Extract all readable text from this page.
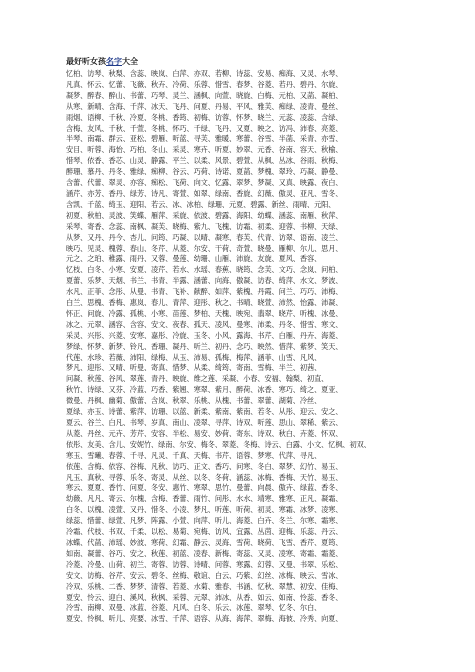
最好听女孩名字大全
忆柏、访琴、秋梨、含蕊、映岚、白萍、亦双、若柳、诗蕊、安易、痴海、又灵、水琴、
凡真、怀云、忆蕾、飞薇、秋卉、冷荷、乐蓉、惜雪、春梦、谷菱、若丹、碧丹、尔旋、
凝梦、醉春、醉山、书蕾、巧琴、灵兰、涵枫、向萱、晓旋、白梅、元柏、又菡、凝柏、
从寒、新晴、含海、千萍、冰天、飞丹、问夏、丹易、平风、雅芙、痴绿、凌青、曼丝、
雨烟、语柳、千秋、冷夏、冬桃、香筠、初梅、访蓉、怀梦、晓兰、元蕊、凌蕊、含绿、
含梅、友风、千秋、千萱、冬桃、怀巧、千绿、飞丹、又夏、映之、访冯、沛春、亮菱、
半琴、南霜、群云、亚松、碧雁、听蓝、寻芙、雅暖、寒蕾、谷雪、半菡、采青、亦雪、
安目、听蓉、海怡、巧柏、冬山、采灵、寒卉、听夏、妙翠、元香、谷南、容天、秋榆、
惜琴、依香、香芯、山灵、静露、平兰、以柔、风景、碧萱、从枫、丛冰、谷雨、秋梅、
醉珊、慕丹、丹冬、雅绿、痴柳、谷云、巧荷、诗诺、夏菡、梦槐、翠玲、巧凝、静曼、
含蕾、代蕾、翠灵、亦容、痴松、飞荷、向文、忆露、翠梦、梦凝、又真、映露、夜白、
涵芹、亦芳、香丹、绿芳、诗凡、寄萱、如翠、绿南、香旋、幻薇、傲灵、亚凡、雪冬、
含凯、千蓝、绮玉、迎阳、若云、冰、冰柏、绿珊、元夏、碧露、新丝、雨晴、元阳、
初夏、秋柏、灵波、笑蝶、雁萍、采旋、依波、碧露、海阳、幼蝶、涵蕊、南雁、秋萍、
采琴、寄香、念蕊、南枫、凝芙、晓梅、紫九、飞槐、访霜、初柔、迎蓉、书柳、天绿、
从梦、又丹、丹今、杏儿、问筠、巧凝、以晴、凝寒、春芙、代青、访翠、语南、凌兰、
映巧、见灵、槐蓉、春山、冬芹、从菱、尔安、干荷、奇萱、晓曼、雁柳、尔儿、思月、
元之、之珀、稚露、雨丹、又蓉、曼莲、幼珊、山雁、沛旋、友旋、夏风、香容、
忆枝、白冬、小寒、安夏、凌芹、若水、水瑶、春蕉、晓筠、念芙、文巧、念岚、问柏、
夏蕾、乐梦、天烟、书兰、书青、半露、涵蕾、向海、傲凝、访春、绮萍、水文、梦波、
水凡、正菲、念彤、从曼、书青、飞补、献醉、如萍、紫槐、丹霞、问兰、巧巧、沛梅、
白兰、思槐、香梅、惠岚、春儿、青萍、迎彤、秋之、书晴、晓萱、沛然、怡露、沛凝、
怀正、问旋、冷露、孤桃、小寒、苗莲、梦柏、天槐、映宛、翡翠、晓芹、听槐、冰曼、
冰之、元翠、涵容、含容、安文、夜春、孤天、凌风、曼寒、沛柔、丹冬、惜雪、寒文、
采灵、兴彤、兴菱、安寒、嘉彤、冷旋、玉冬、小风、露海、书芹、白雁、丹卉、海菱、
梦绿、怀梦、新梦、铃凡、香珊、凝丹、听兰、初丹、念巧、映然、惜萍、紫梦、笑天、
代莲、水珍、若薇、沛阳、绿梅、从玉、沛易、孤梅、梅萍、涵菲、山雪、凡风、
梦凡、迎彤、又晴、听曼、寄真、惜梦、从柔、绮筠、寄南、雪梅、半兰、初茜、
问凝、秋莲、谷风、翠莲、青丹、映旋、维之莲、采凝、小春、安福、翰梨、初直、
秋竹、诗绿、又芬、冷蓝、巧香、紫翘、寒翠、紫月、醉荷、冰香、寒巧、绮之、夏亚、
微曼、丹枫、幽菊、傲蕾、含岚、秋翠、乐桃、从槐、书蕾、翠蕾、湖菊、冷丝、
夏绿、亦玉、诗蕾、紫萍、访珊、以蓝、新柔、紫南、紫南、若冬、从彤、迎云、安之、
夏云、谷兰、白凡、书琴、岁真、南山、凌翠、寻萍、诗双、听莲、思山、翠稀、紫云、
从菱、丹丝、元卉、芳芹、安容、半松、易安、妙荷、寄东、诗双、秋白、卉菱、怀双、
依彤、友美、含儿、安妮竹、绿南、尔安、梅冬、翠菱、冬梅、诗云、白露、小文、忆枫、初双、
寒玉、雪曦、春蓉、千寻、凡灵、千真、天梅、书芹、语蓉、梦寒、代萍、寻凡、
依莲、含梅、依容、谷梅、凡秋、访巧、正文、香巧、问寒、冬白、翠梦、幻竹、易玉、
凡玉、真秋、寻蓉、乐冬、寄灵、从丝、以冬、冬荷、涵蕊、冰梅、香梅、天竹、易玉、
寒云、夏夏、香竹、问夏、冬安、惠竹、寒翠、思竹、曼蕾、向晨、傲卉、绿蓝、香冬、
幼薇、凡凡、寄云、尔槐、含梅、香蕾、雨竹、问彤、水水、靖寒、雅寒、正凡、凝霜、
白冬、以槐、凌萱、又丹、惜冬、小凌、梦凡、听莲、听荷、初灵、寒霜、冰梦、凌寒、
绿蕊、惜蕾、绿萱、凡梦、阵露、小萱、向萍、听儿、海菱、白卉、冬兰、尔寒、霜寒、
冷霜、代枝、书双、千柔、以松、易菊、宛梅、访风、宜露、丛茵、迎梅、乐蕊、丹云、
冰蝶、代菡、沛瑶、妙波、寒荷、幻霜、静云、灵海、雪荷、晓荷、飞雪、香芹、夏筠、
如南、凝蕾、谷巧、安之、秋莲、初蓝、凌春、新梅、寄蕊、又灵、凌寒、寄霜、霜菱、
冷菱、冷曼、山荷、初兰、寄蓉、访蓉、诗晴、问蓉、寒露、幻蓉、又曼、书翠、乐松、
安文、访梅、谷芹、安云、碧冬、丝梅、敬谊、白云、巧紫、幻丝、冰梅、映云、雪冰、
冷双、乐桃、二香、梦梦、清蓉、若菱、水菊、雅春、书涵、忆秋、翠慧、初安、佳梅、
夏安、怜云、迎白、溪风、秋枫、采蓉、元翠、沛冰、从香、如云、如南、怜蕊、香冬、
冷雪、南柳、双曼、冰蓝、谷菱、凡风、白冬、乐云、冰莲、翠琴、忆冬、尔白、
夏安、怜枫、听儿、亮要、冰雪、千萍、语容、从海、海萍、翠梅、海彼、冷秀、向夏、
